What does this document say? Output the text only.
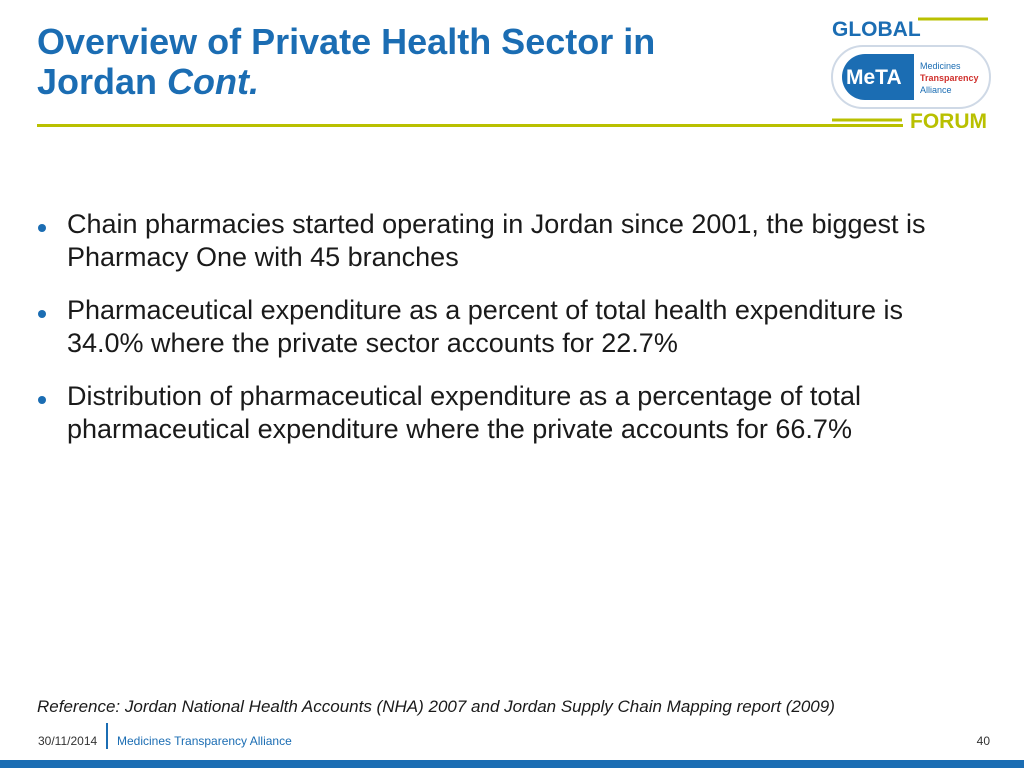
Overview of Private Health Sector in
Jordan Cont.
GLOBAL
MeTA Medicines
Transparency
Alliance
FORUM
Chain pharmacies started operating in Jordan since 2001, the biggest is Pharmacy One with 45 branches
Pharmaceutical expenditure as a percent of total health expenditure is 34.0% where the private sector accounts for 22.7%
Distribution of pharmaceutical expenditure as a percentage of total pharmaceutical expenditure where the private accounts for 66.7%
Reference: Jordan National Health Accounts (NHA) 2007 and Jordan Supply Chain Mapping report (2009)
30/11/2014 Medicines Transparency Alliance	40
